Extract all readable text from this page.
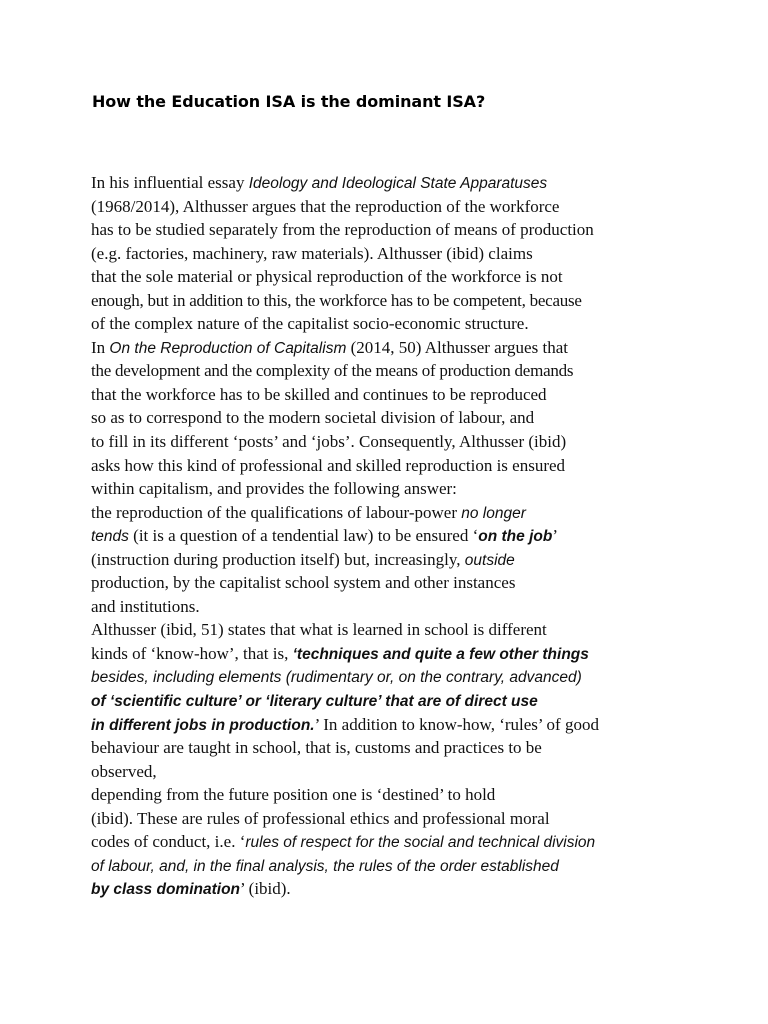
How the Education ISA is the dominant ISA?
In his influential essay Ideology and Ideological State Apparatuses
(1968/2014), Althusser argues that the reproduction of the workforce
has to be studied separately from the reproduction of means of production
(e.g. factories, machinery, raw materials). Althusser (ibid) claims
that the sole material or physical reproduction of the workforce is not
enough, but in addition to this, the workforce has to be competent, because
of the complex nature of the capitalist socio-economic structure.
In On the Reproduction of Capitalism (2014, 50) Althusser argues that
the development and the complexity of the means of production demands
that the workforce has to be skilled and continues to be reproduced
so as to correspond to the modern societal division of labour, and
to fill in its different ‘posts’ and ‘jobs’. Consequently, Althusser (ibid)
asks how this kind of professional and skilled reproduction is ensured
within capitalism, and provides the following answer:
the reproduction of the qualifications of labour-power no longer
tends (it is a question of a tendential law) to be ensured ‘on the job’
(instruction during production itself) but, increasingly, outside
production, by the capitalist school system and other instances
and institutions.
Althusser (ibid, 51) states that what is learned in school is different
kinds of ‘know-how’, that is, ‘techniques and quite a few other things
besides, including elements (rudimentary or, on the contrary, advanced)
of ‘scientific culture’ or ‘literary culture’ that are of direct use
in different jobs in production.’ In addition to know-how, ‘rules’ of good
behaviour are taught in school, that is, customs and practices to be
observed,
depending from the future position one is ‘destined’ to hold
(ibid). These are rules of professional ethics and professional moral
codes of conduct, i.e. ‘rules of respect for the social and technical division
of labour, and, in the final analysis, the rules of the order established
by class domination’ (ibid).
